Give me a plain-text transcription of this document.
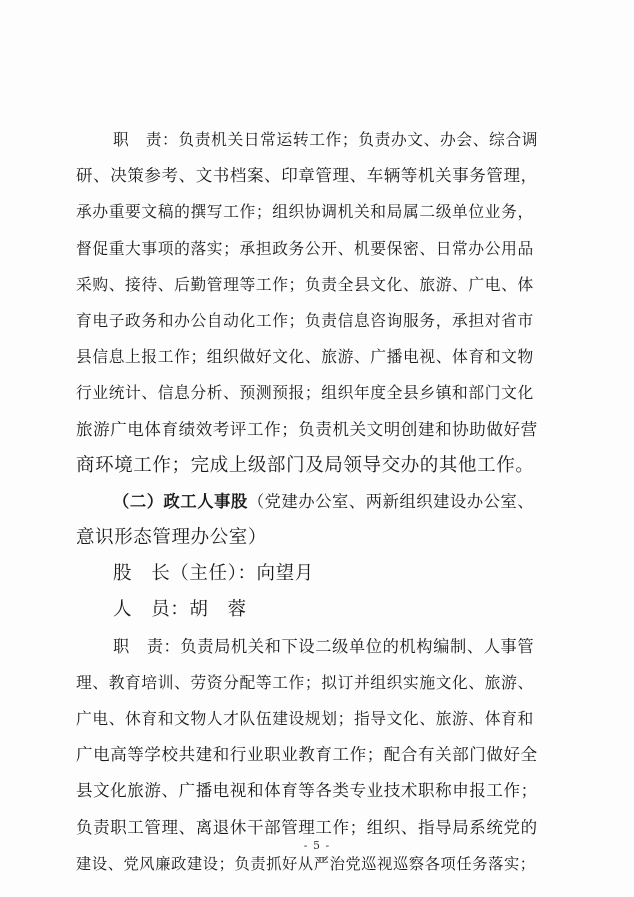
职　责：负责机关日常运转工作；负责办文、办会、综合调
研、决策参考、文书档案、印章管理、车辆等机关事务管理，
承办重要文稿的撰写工作；组织协调机关和局属二级单位业务，
督促重大事项的落实；承担政务公开、机要保密、日常办公用品
采购、接待、后勤管理等工作；负责全县文化、旅游、广电、体
育电子政务和办公自动化工作；负责信息咨询服务，承担对省市
县信息上报工作；组织做好文化、旅游、广播电视、体育和文物
行业统计、信息分析、预测预报；组织年度全县乡镇和部门文化
旅游广电体育绩效考评工作；负责机关文明创建和协助做好营
商环境工作；完成上级部门及局领导交办的其他工作。
（二）政工人事股（党建办公室、两新组织建设办公室、
意识形态管理办公室）
股　长（主任）：向望月
人　员：胡　蓉
职　责：负责局机关和下设二级单位的机构编制、人事管
理、教育培训、劳资分配等工作；拟订并组织实施文化、旅游、
广电、休育和文物人才队伍建设规划；指导文化、旅游、体育和
广电高等学校共建和行业职业教育工作；配合有关部门做好全
县文化旅游、广播电视和体育等各类专业技术职称申报工作；
负责职工管理、离退休干部管理工作；组织、指导局系统党的
建设、党风廉政建设；负责抓好从严治党巡视巡察各项任务落实；
- 5 -
